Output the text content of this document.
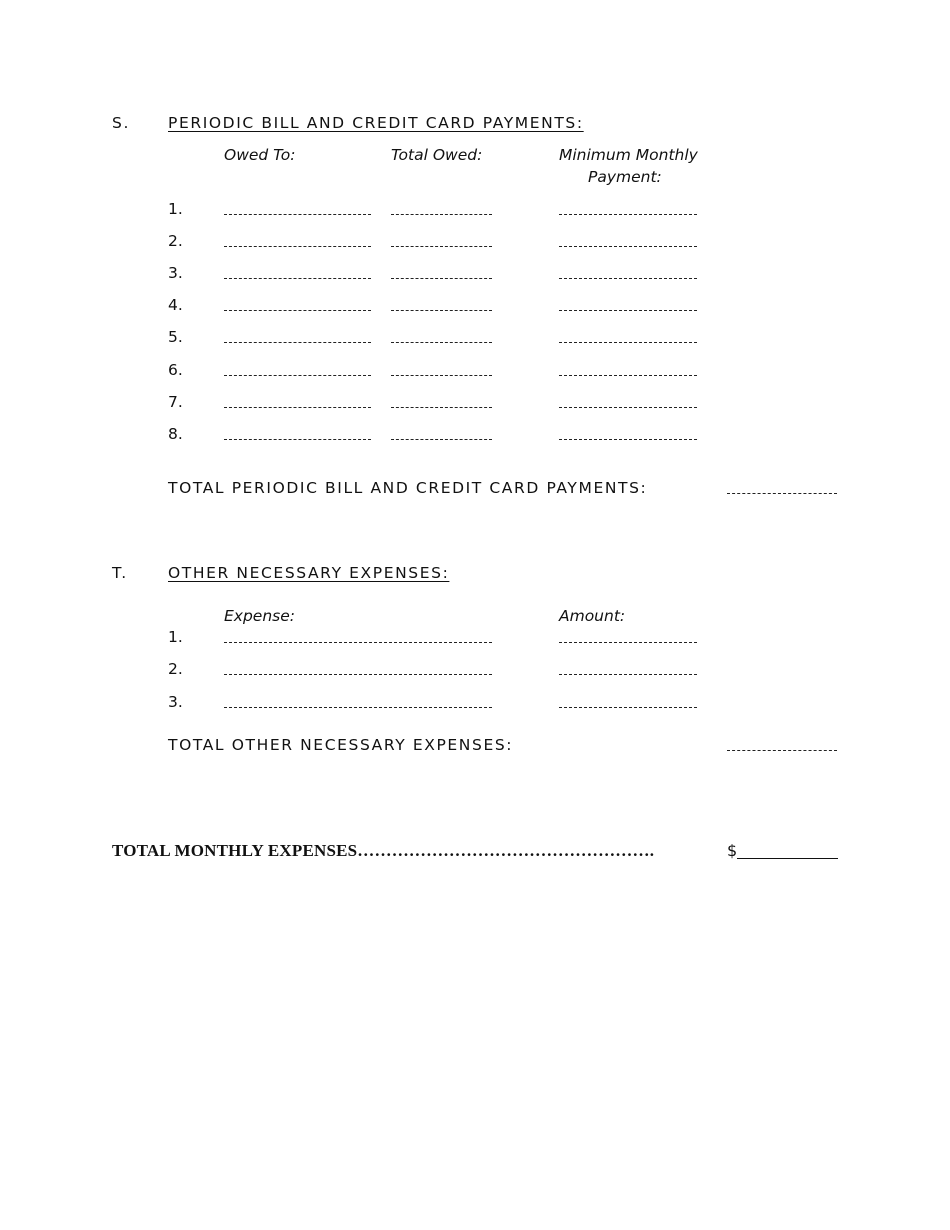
S. PERIODIC BILL AND CREDIT CARD PAYMENTS:
Owed To:	Total Owed:	Minimum Monthly
Payment:
1.
2.
3.
4.
5.
6.
7.
8.
TOTAL PERIODIC BILL AND CREDIT CARD PAYMENTS:
T.	OTHER NECESSARY EXPENSES:
Expense:	Amount:
1.
2.
3.
TOTAL OTHER NECESSARY EXPENSES:
TOTAL MONTHLY EXPENSES…………………………………………….	$
